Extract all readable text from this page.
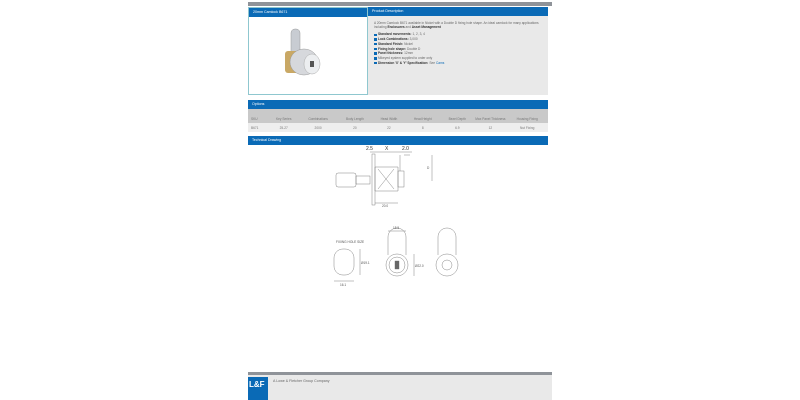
20mm Camlock B671	Product Description

A 20mm Camlock B671 available in Nickel with a Double D fixing hole shape. An ideal camlock for many applications including Enclosures and Asset Management

Standard movements: 1, 2, 3, 4
Lock Combinations: 3,000
Standard Finish: Nickel
Fixing hole shape: Double D
Panel thickness: 12mm
Mikeyed system supplied to order only
Dimension 'X' & 'Y' Specification: See Cams
Options
SKU	Key Series	Combinations	Body Length	Head Width	Head Height	Bezel Depth	Max Panel Thickness	Housing Fixing
B671	25-27	2000	20	22	8	6.9	12	Nut Fixing
Technical Drawing
2.5 X	2.0
D
20.0
FIXING HOLE SIZE
16.1
Ø19.1
15.5
Ø22.0
L&F	A Lowe & Fletcher Group Company
